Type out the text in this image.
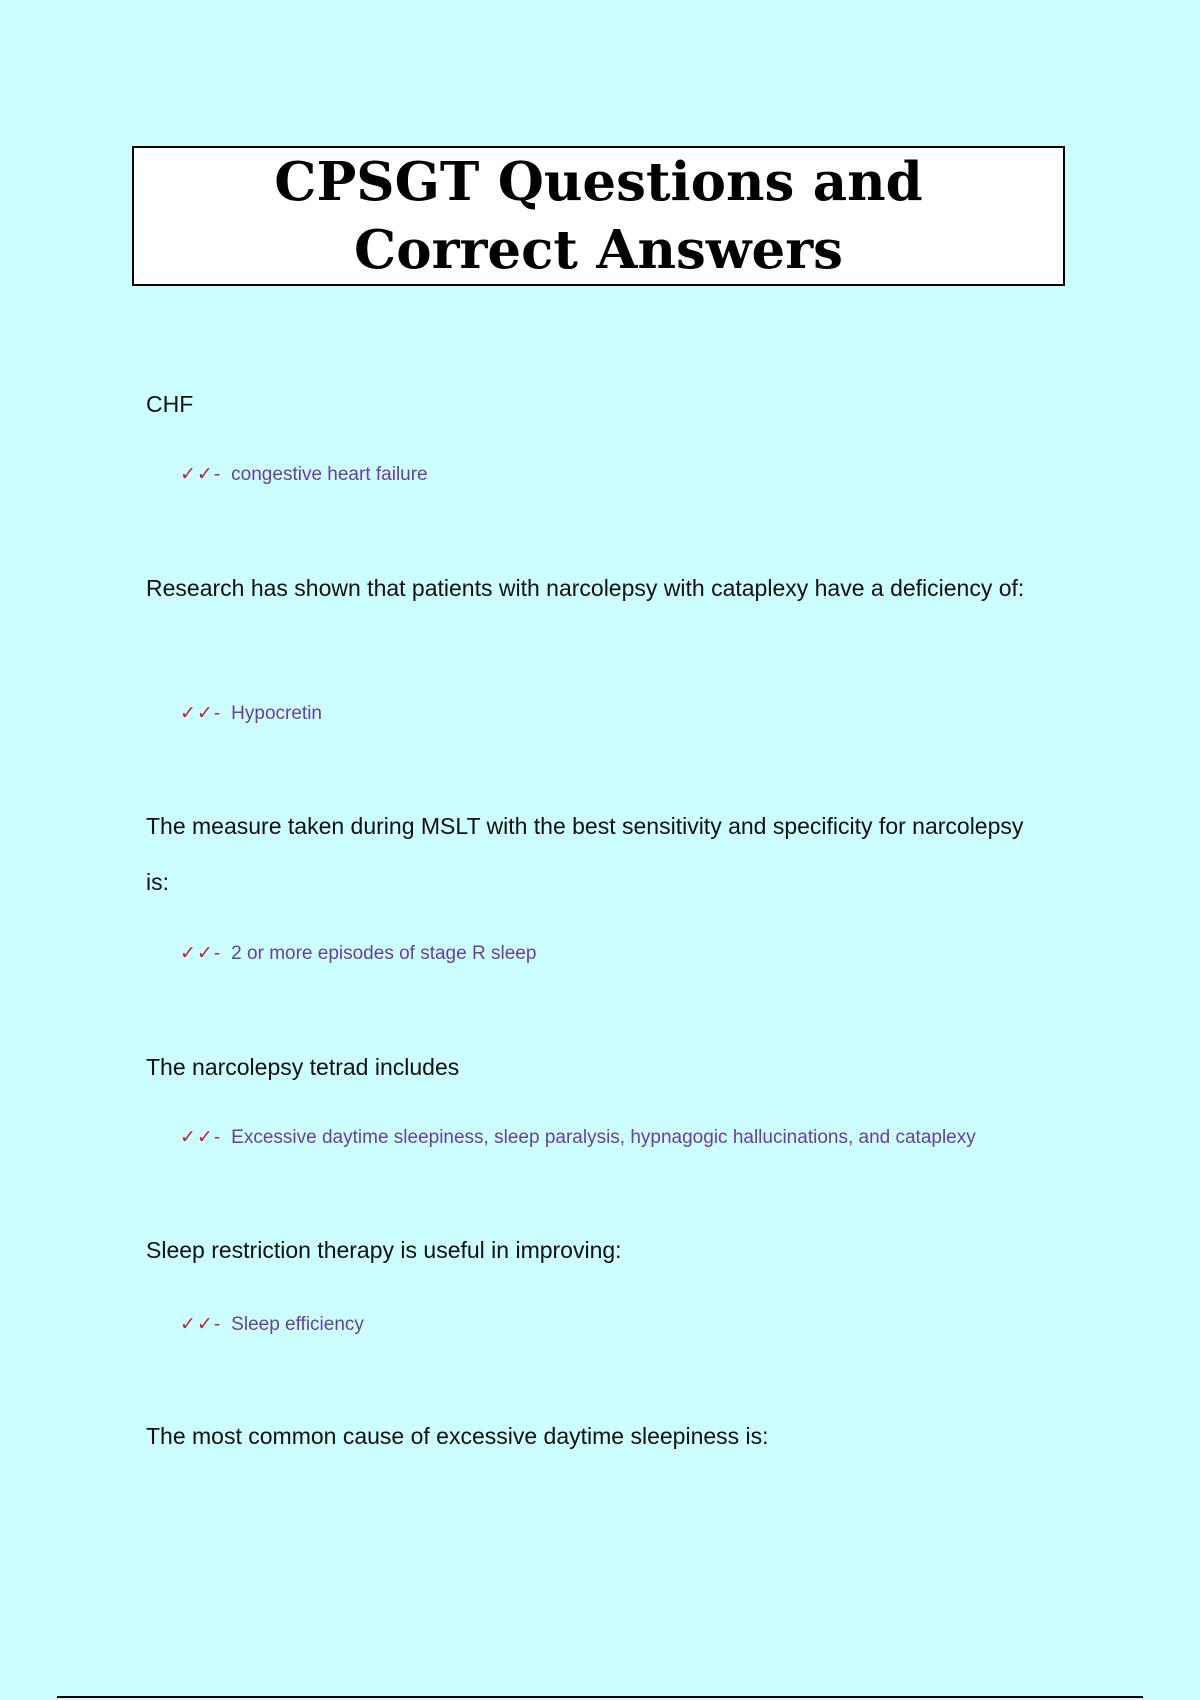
CPSGT Questions and Correct Answers

CHF

✓✓- congestive heart failure

Research has shown that patients with narcolepsy with cataplexy have a deficiency of:

✓✓- Hypocretin

The measure taken during MSLT with the best sensitivity and specificity for narcolepsy is:

✓✓- 2 or more episodes of stage R sleep

The narcolepsy tetrad includes

✓✓- Excessive daytime sleepiness, sleep paralysis, hypnagogic hallucinations, and cataplexy

Sleep restriction therapy is useful in improving:

✓✓- Sleep efficiency

The most common cause of excessive daytime sleepiness is:
